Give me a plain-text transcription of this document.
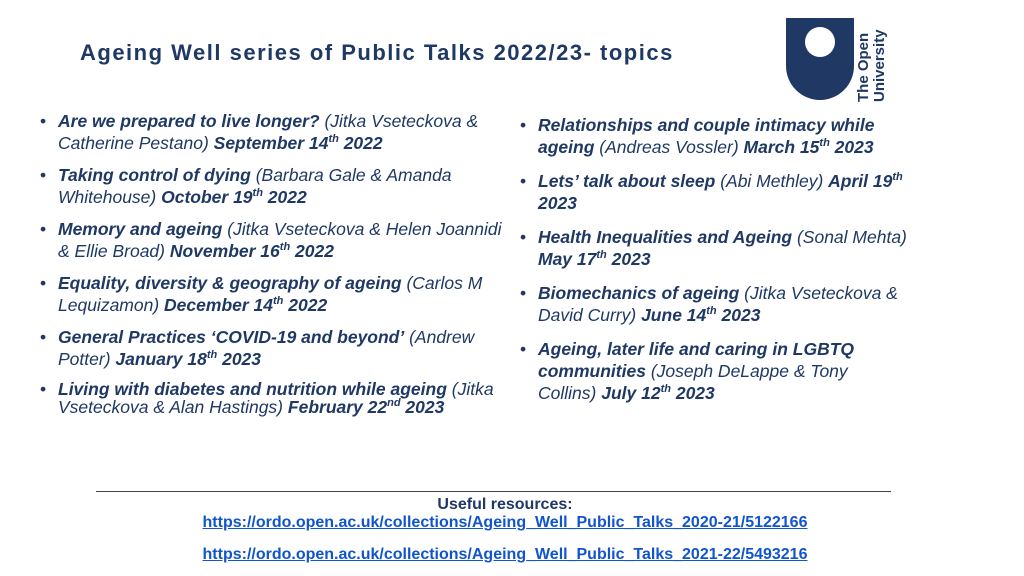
Ageing Well series of Public Talks 2022/23- topics	The Open University
• Are we prepared to live longer? (Jitka Vseteckova & Catherine Pestano) September 14th 2022
• Taking control of dying (Barbara Gale & Amanda Whitehouse) October 19th 2022
• Memory and ageing (Jitka Vseteckova & Helen Joannidi & Ellie Broad) November 16th 2022
• Equality, diversity & geography of ageing (Carlos M Lequizamon) December 14th 2022
• General Practices ‘COVID-19 and beyond’ (Andrew Potter) January 18th 2023
• Living with diabetes and nutrition while ageing (Jitka Vseteckova & Alan Hastings) February 22nd 2023
• Relationships and couple intimacy while ageing (Andreas Vossler) March 15th 2023
• Lets’ talk about sleep (Abi Methley) April 19th 2023
• Health Inequalities and Ageing (Sonal Mehta) May 17th 2023
• Biomechanics of ageing (Jitka Vseteckova & David Curry) June 14th 2023
• Ageing, later life and caring in LGBTQ communities (Joseph DeLappe & Tony Collins) July 12th 2023
Useful resources:
https://ordo.open.ac.uk/collections/Ageing_Well_Public_Talks_2020-21/5122166
https://ordo.open.ac.uk/collections/Ageing_Well_Public_Talks_2021-22/5493216
